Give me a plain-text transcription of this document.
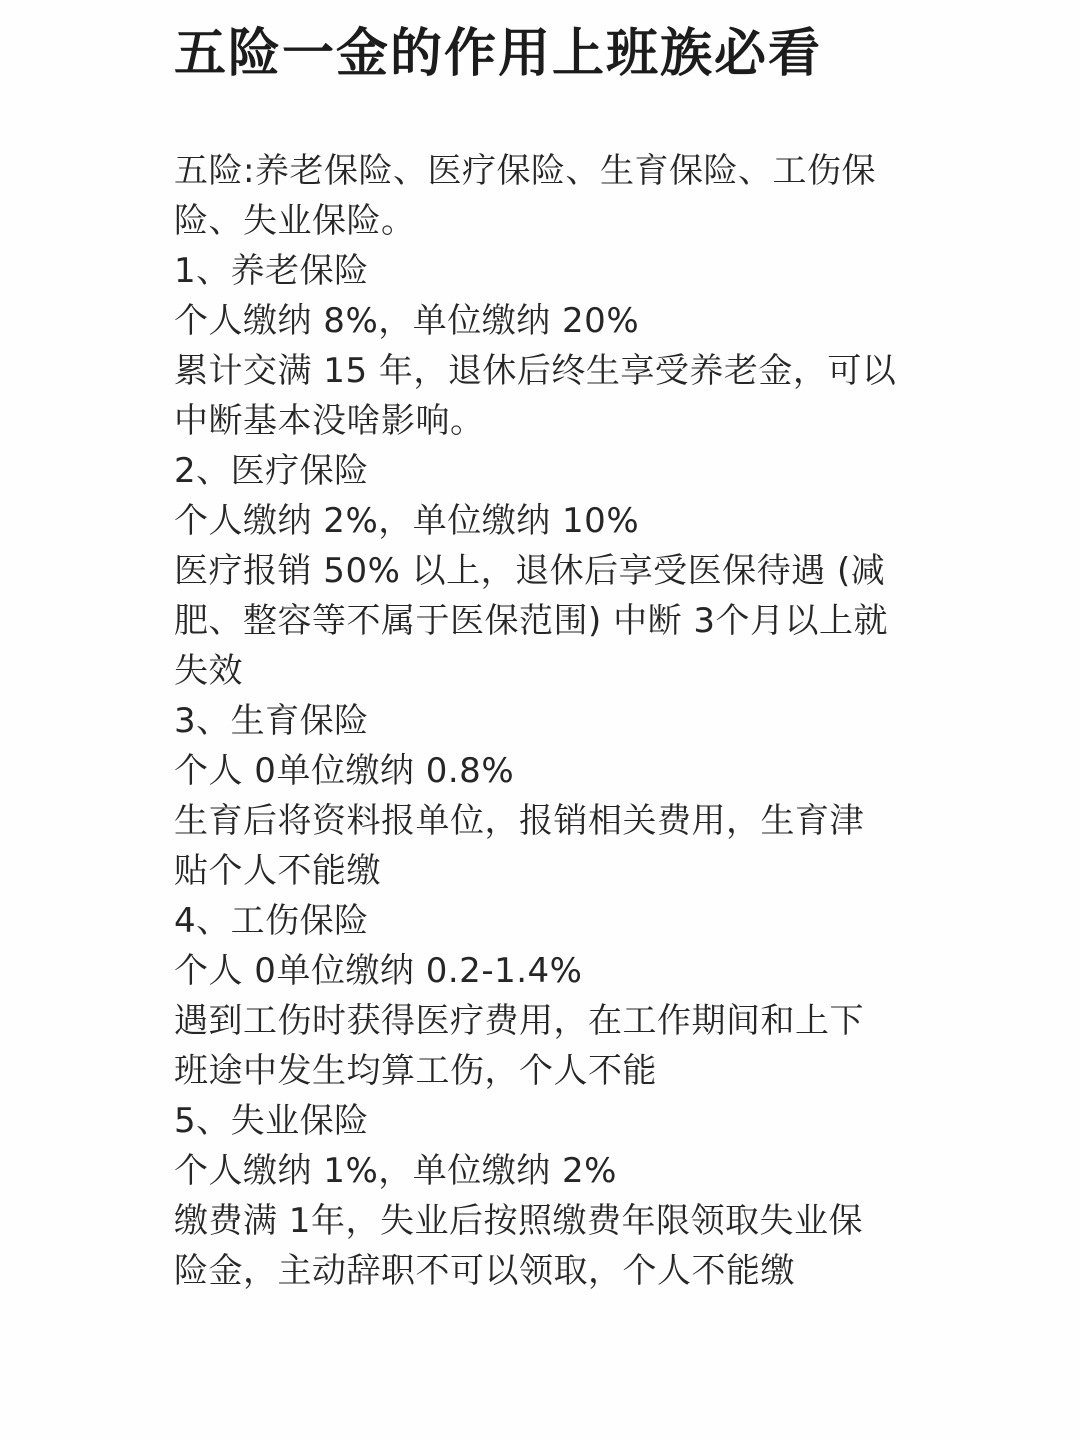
五险一金的作用上班族必看
五险:养老保险、医疗保险、生育保险、工伤保
险、失业保险。
1、养老保险
个人缴纳 8%，单位缴纳 20%
累计交满 15 年，退休后终生享受养老金，可以
中断基本没啥影响。
2、医疗保险
个人缴纳 2%，单位缴纳 10%
医疗报销 50% 以上，退休后享受医保待遇 (减
肥、整容等不属于医保范围) 中断 3个月以上就
失效
3、生育保险
个人 0单位缴纳 0.8%
生育后将资料报单位，报销相关费用，生育津
贴个人不能缴
4、工伤保险
个人 0单位缴纳 0.2-1.4%
遇到工伤时获得医疗费用，在工作期间和上下
班途中发生均算工伤，个人不能
5、失业保险
个人缴纳 1%，单位缴纳 2%
缴费满 1年，失业后按照缴费年限领取失业保
险金，主动辞职不可以领取，个人不能缴
